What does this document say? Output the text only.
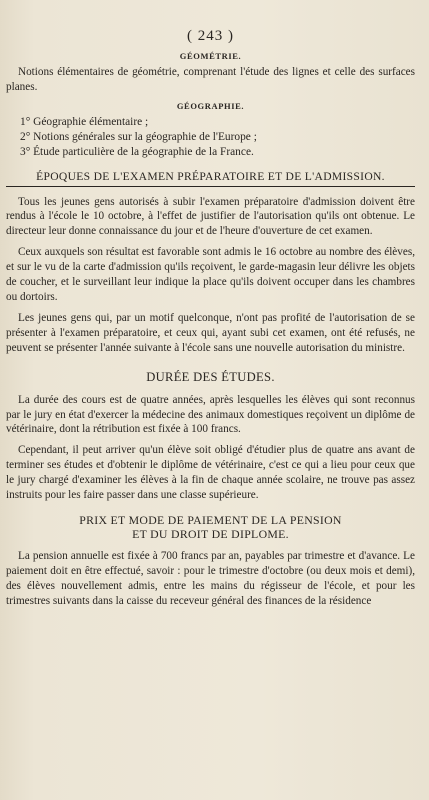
( 243 )
GÉOMÉTRIE.

Notions élémentaires de géométrie, comprenant l'étude des lignes et celle des surfaces planes.

GÉOGRAPHIE.

1° Géographie élémentaire ;

2° Notions générales sur la géographie de l'Europe ;

3° Étude particulière de la géographie de la France.

ÉPOQUES DE L'EXAMEN PRÉPARATOIRE ET DE L'ADMISSION.

Tous les jeunes gens autorisés à subir l'examen préparatoire d'admission doivent être rendus à l'école le 10 octobre, à l'effet de justifier de l'autorisation qu'ils ont obtenue. Le directeur leur donne connaissance du jour et de l'heure d'ouverture de cet examen.

Ceux auxquels son résultat est favorable sont admis le 16 octobre au nombre des élèves, et sur le vu de la carte d'admission qu'ils reçoivent, le garde-magasin leur délivre les objets de coucher, et le surveillant leur indique la place qu'ils doivent occuper dans les chambres ou dortoirs.

Les jeunes gens qui, par un motif quelconque, n'ont pas profité de l'autorisation de se présenter à l'examen préparatoire, et ceux qui, ayant subi cet examen, ont été refusés, ne peuvent se présenter l'année suivante à l'école sans une nouvelle autorisation du ministre.

DURÉE DES ÉTUDES.

La durée des cours est de quatre années, après lesquelles les élèves qui sont reconnus par le jury en état d'exercer la médecine des animaux domestiques reçoivent un diplôme de vétérinaire, dont la rétribution est fixée à 100 francs.

Cependant, il peut arriver qu'un élève soit obligé d'étudier plus de quatre ans avant de terminer ses études et d'obtenir le diplôme de vétérinaire, c'est ce qui a lieu pour ceux que le jury chargé d'examiner les élèves à la fin de chaque année scolaire, ne trouve pas assez instruits pour les faire passer dans une classe supérieure.

PRIX ET MODE DE PAIEMENT DE LA PENSION
ET DU DROIT DE DIPLOME.

La pension annuelle est fixée à 700 francs par an, payables par trimestre et d'avance. Le paiement doit en être effectué, savoir : pour le trimestre d'octobre (ou deux mois et demi), des élèves nouvellement admis, entre les mains du régisseur de l'école, et pour les trimestres suivants dans la caisse du receveur général des finances de la résidence
